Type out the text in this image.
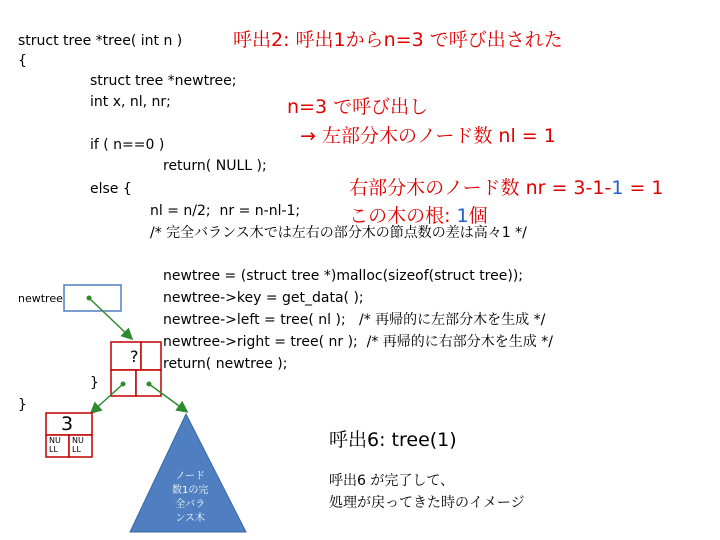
struct tree *tree( int n )
{
struct tree *newtree;
int x, nl, nr;
if ( n==0 )
return( NULL );
else {
nl = n/2;  nr = n-nl-1;
/* 完全バランス木では左右の部分木の節点数の差は高々1 */
newtree = (struct tree *)malloc(sizeof(struct tree));
newtree->key = get_data( );
newtree->left = tree( nl );   /* 再帰的に左部分木を生成 */
newtree->right = tree( nr );  /* 再帰的に右部分木を生成 */
return( newtree );
}
}
呼出2: 呼出1からn=3 で呼び出された
n=3 で呼び出し
→ 左部分木のノード数 nl = 1

右部分木のノード数 nr = 3-1-1 = 1

この木の根: 1個

newtree
?
3
NU
LL
NU
LL
ノード
数1の完
全バラ
ンス木
呼出6: tree(1)
呼出6 が完了して、
処理が戻ってきた時のイメージ
